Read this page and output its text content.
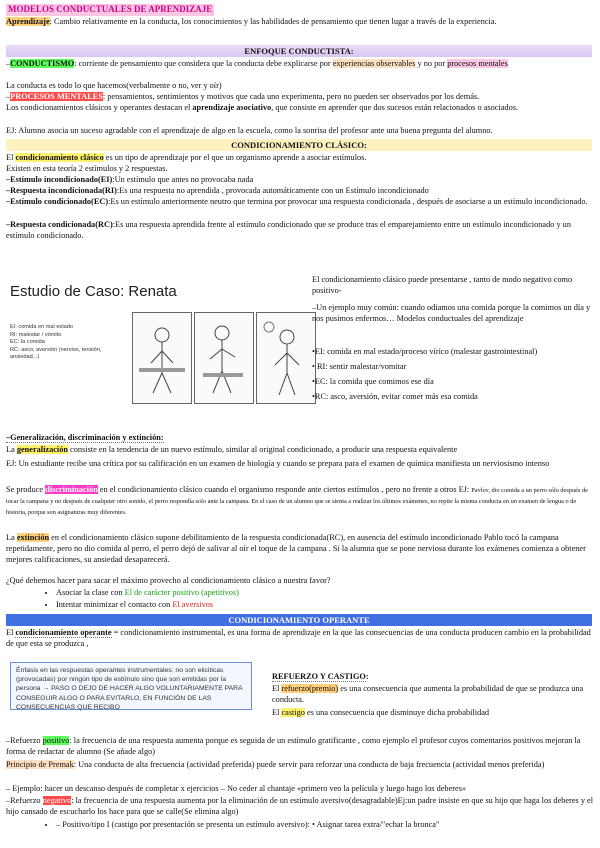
MODELOS CONDUCTUALES DE APRENDIZAJE

Aprendizaje: Cambio relativamente en la conducta, los conocimientos y las habilidades de pensamiento que tienen lugar a través de la experiencia.

ENFOQUE CONDUCTISTA:

–CONDUCTISMO: corriente de pensamiento que considera que la conducta debe explicarse por experiencias observables y no por procesos mentales

La conducta es todo lo que hacemos(verbalmente o no, ver y oír)

–PROCESOS MENTALES: pensamientos, sentimientos y motivos que cada uno experimenta, pero no pueden ser observados por los demás.

Los condicionamientos clásicos y operantes destacan el aprendizaje asociativo, que consiste en aprender que dos sucesos están relacionados o asociados.

EJ: Alumno asocia un suceso agradable con el aprendizaje de algo en la escuela, como la sonrisa del profesor ante una buena pregunta del alumno.

CONDICIONAMIENTO CLÁSICO:

El condicionamiento clásico es un tipo de aprendizaje por el que un organismo aprende a asociar estímulos.

Existen en esta teoría 2 estímulos y 2 respuestas.

–Estímulo incondicionado(EI):Un estímulo que antes no provocaba nada

–Respuesta incondicionada(RI):Es una respuesta no aprendida , provocada automáticamente con un Estímulo incondicionado

–Estímulo condicionado(EC):Es un estímulo anteriormente neutro que termina por provocar una respuesta condicionada , después de asociarse a un estímulo incondicionado.

–Respuesta condicionada(RC):Es una respuesta aprendida frente al estímulo condicionado que se produce tras el emparejamiento entre un estímulo incondicionado y un estímulo condicionado.

Estudio de Caso: Renata
EI: comida en mal estado
RI: malestar / vómito
EC: la comida
RC: asco, aversión (nervios, tensión, ansiedad...)

El condicionamiento clásico puede presentarse , tanto de modo negativo como positivo-

–Un ejemplo muy común: cuando odiamos una comida porque la comimos un día y nos pusimos enfermos… Modelos conductuales del aprendizaje

•EI: comida en mal estado/proceso vírico (malestar gastrointestinal)

• RI: sentir malestar/vomitar

•EC: la comida que comimos ese día

•RC: asco, aversión, evitar comer más esa comida

–Generalización, discriminación y extinción:

La generalización consiste en la tendencia de un nuevo estímulo, similar al original condicionado, a producir una respuesta equivalente

EJ: Un estudiante recibe una crítica por su calificación en un examen de biología y cuando se prepara para el examen de química manifiesta un nerviosismo intenso

Se produce discriminación en el condicionamiento clásico cuando el organismo responde ante ciertos estímulos , pero no frente a otros EJ: Pavlov, dio comida a un perro sólo después de tocar la campana y no después de cualquier otro sonido, el perro respondía solo ante la campana. En el caso de un alumno que se sienta a realizar los últimos exámenes, no repite la misma conducta en un examen de lengua o de historia, porque son asignaturas muy diferentes.

La extinción en el condicionamiento clásico supone debilitamiento de la respuesta condicionada(RC), en ausencia del estímulo incondicionado Pablo tocó la campana repetidamente, pero no dio comida al perro, el perro dejó de salivar al oír el toque de la campana . Si la alumna que se pone nerviosa durante los exámenes comienza a obtener mejores calificaciones, su ansiedad desaparecerá.

¿Qué debemos hacer para sacar el máximo provecho al condicionamiento clásico a nuestra favor?

• Asociar la clase con El de carácter positivo (apetitivos)
• Intentar minimizar el contacto con El aversivos
CONDICIONAMIENTO OPERANTE

El condicionamiento operante = condicionamiento instrumental, es una forma de aprendizaje en la que las consecuencias de una conducta producen cambio en la probabilidad de que esta se produzca ,

Énfasis en las respuestas operantes instrumentales: no son eliciticas (provocadas) por ningún tipo de estímulo sino que son emitidas por la persona → PASO O DEJO DE HACER ALGO VOLUNTARIAMENTE PARA CONSEGUIR ALGO O PARA EVITARLO, EN FUNCIÓN DE LAS CONSECUENCIAS QUE RECIBO

REFUERZO Y CASTIGO:

El refuerzo(premio) es una consecuencia que aumenta la probabilidad de que se produzca una conducta.

El castigo es una consecuencia que disminuye dicha probabilidad

–Refuerzo positivo: la frecuencia de una respuesta aumenta porque es seguida de un estímulo gratificante , como ejemplo el profesor cuyos comentarios positivos mejoran la forma de redactar de alumno (Se añade algo)

Principio de Premak: Una conducta de alta frecuencia (actividad preferida) puede servir para reforzar una conducta de baja frecuencia (actividad menos preferida)

– Ejemplo: hacer un descanso después de completar x ejercicios – No ceder al chantaje «primero veo la película y luego hago los deberes»

–Refuerzo negativo: la frecuencia de una respuesta aumenta por la eliminación de un estímulo aversivo(desagradable)Ej:un padre insiste en que su hijo que haga los deberes y el hijo cansado de escucharlo los hace para que se calle(Se elimina algo)

• – Positivo/tipo I (castigo por presentación se presenta un estímulo aversivo): • Asignar tarea extra/"echar la bronca"
